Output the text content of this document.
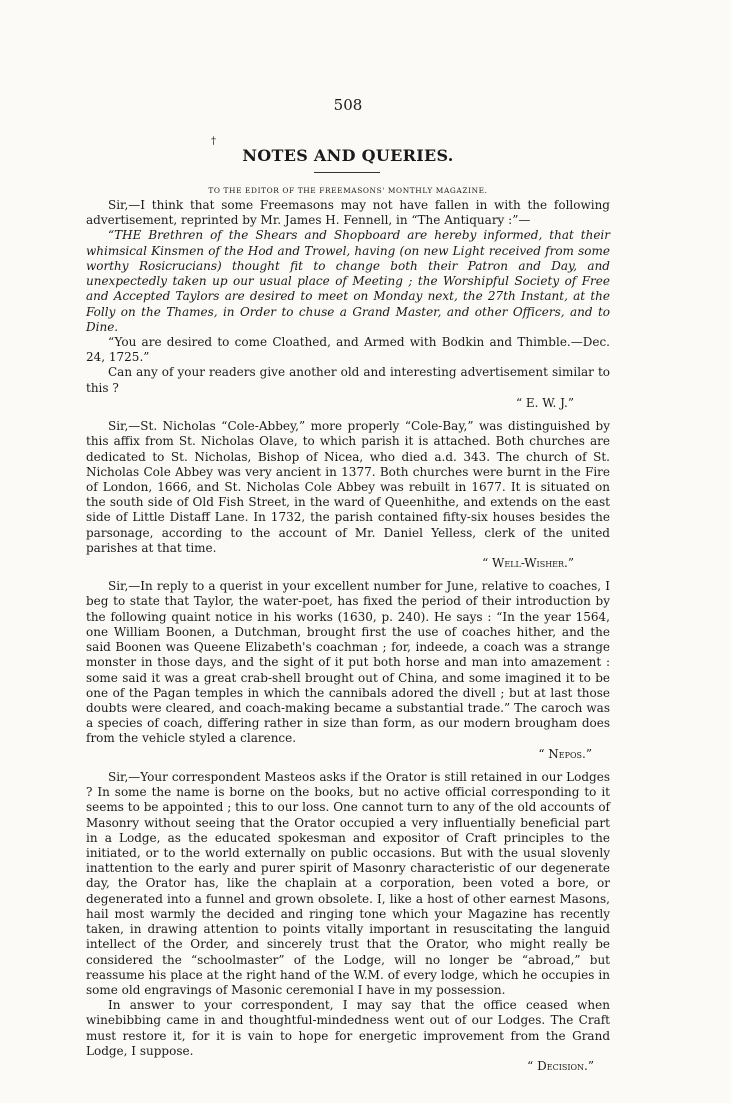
508
†
NOTES AND QUERIES.
TO THE EDITOR OF THE FREEMASONS' MONTHLY MAGAZINE.

Sir,—I think that some Freemasons may not have fallen in with the following advertisement, reprinted by Mr. James H. Fennell, in “The Antiquary :”—

“THE Brethren of the Shears and Shopboard are hereby informed, that their whimsical Kinsmen of the Hod and Trowel, having (on new Light received from some worthy Rosicrucians) thought fit to change both their Patron and Day, and unexpectedly taken up our usual place of Meeting ; the Worshipful Society of Free and Accepted Taylors are desired to meet on Monday next, the 27th Instant, at the Folly on the Thames, in Order to chuse a Grand Master, and other Officers, and to Dine.

“You are desired to come Cloathed, and Armed with Bodkin and Thimble.—Dec. 24, 1725.”

Can any of your readers give another old and interesting advertisement similar to this ?

“ E. W. J.”

Sir,—St. Nicholas “Cole-Abbey,” more properly “Cole-Bay,” was distinguished by this affix from St. Nicholas Olave, to which parish it is attached. Both churches are dedicated to St. Nicholas, Bishop of Nicea, who died a.d. 343. The church of St. Nicholas Cole Abbey was very ancient in 1377. Both churches were burnt in the Fire of London, 1666, and St. Nicholas Cole Abbey was rebuilt in 1677. It is situated on the south side of Old Fish Street, in the ward of Queenhithe, and extends on the east side of Little Distaff Lane. In 1732, the parish contained fifty-six houses besides the parsonage, according to the account of Mr. Daniel Yelless, clerk of the united parishes at that time.

“ Well-Wisher.”

Sir,—In reply to a querist in your excellent number for June, relative to coaches, I beg to state that Taylor, the water-poet, has fixed the period of their introduction by the following quaint notice in his works (1630, p. 240). He says : “In the year 1564, one William Boonen, a Dutchman, brought first the use of coaches hither, and the said Boonen was Queene Elizabeth's coachman ; for, indeede, a coach was a strange monster in those days, and the sight of it put both horse and man into amazement : some said it was a great crab-shell brought out of China, and some imagined it to be one of the Pagan temples in which the cannibals adored the divell ; but at last those doubts were cleared, and coach-making became a substantial trade.” The caroch was a species of coach, differing rather in size than form, as our modern brougham does from the vehicle styled a clarence.

“ Nepos.”

Sir,—Your correspondent Masteos asks if the Orator is still retained in our Lodges ? In some the name is borne on the books, but no active official corresponding to it seems to be appointed ; this to our loss. One cannot turn to any of the old accounts of Masonry without seeing that the Orator occupied a very influentially beneficial part in a Lodge, as the educated spokesman and expositor of Craft principles to the initiated, or to the world externally on public occasions. But with the usual slovenly inattention to the early and purer spirit of Masonry characteristic of our degenerate day, the Orator has, like the chaplain at a corporation, been voted a bore, or degenerated into a funnel and grown obsolete. I, like a host of other earnest Masons, hail most warmly the decided and ringing tone which your Magazine has recently taken, in drawing attention to points vitally important in resuscitating the languid intellect of the Order, and sincerely trust that the Orator, who might really be considered the “schoolmaster” of the Lodge, will no longer be “abroad,” but reassume his place at the right hand of the W.M. of every lodge, which he occupies in some old engravings of Masonic ceremonial I have in my possession.

In answer to your correspondent, I may say that the office ceased when winebibbing came in and thoughtful-mindedness went out of our Lodges. The Craft must restore it, for it is vain to hope for energetic improvement from the Grand Lodge, I suppose.

“ Decision.”
